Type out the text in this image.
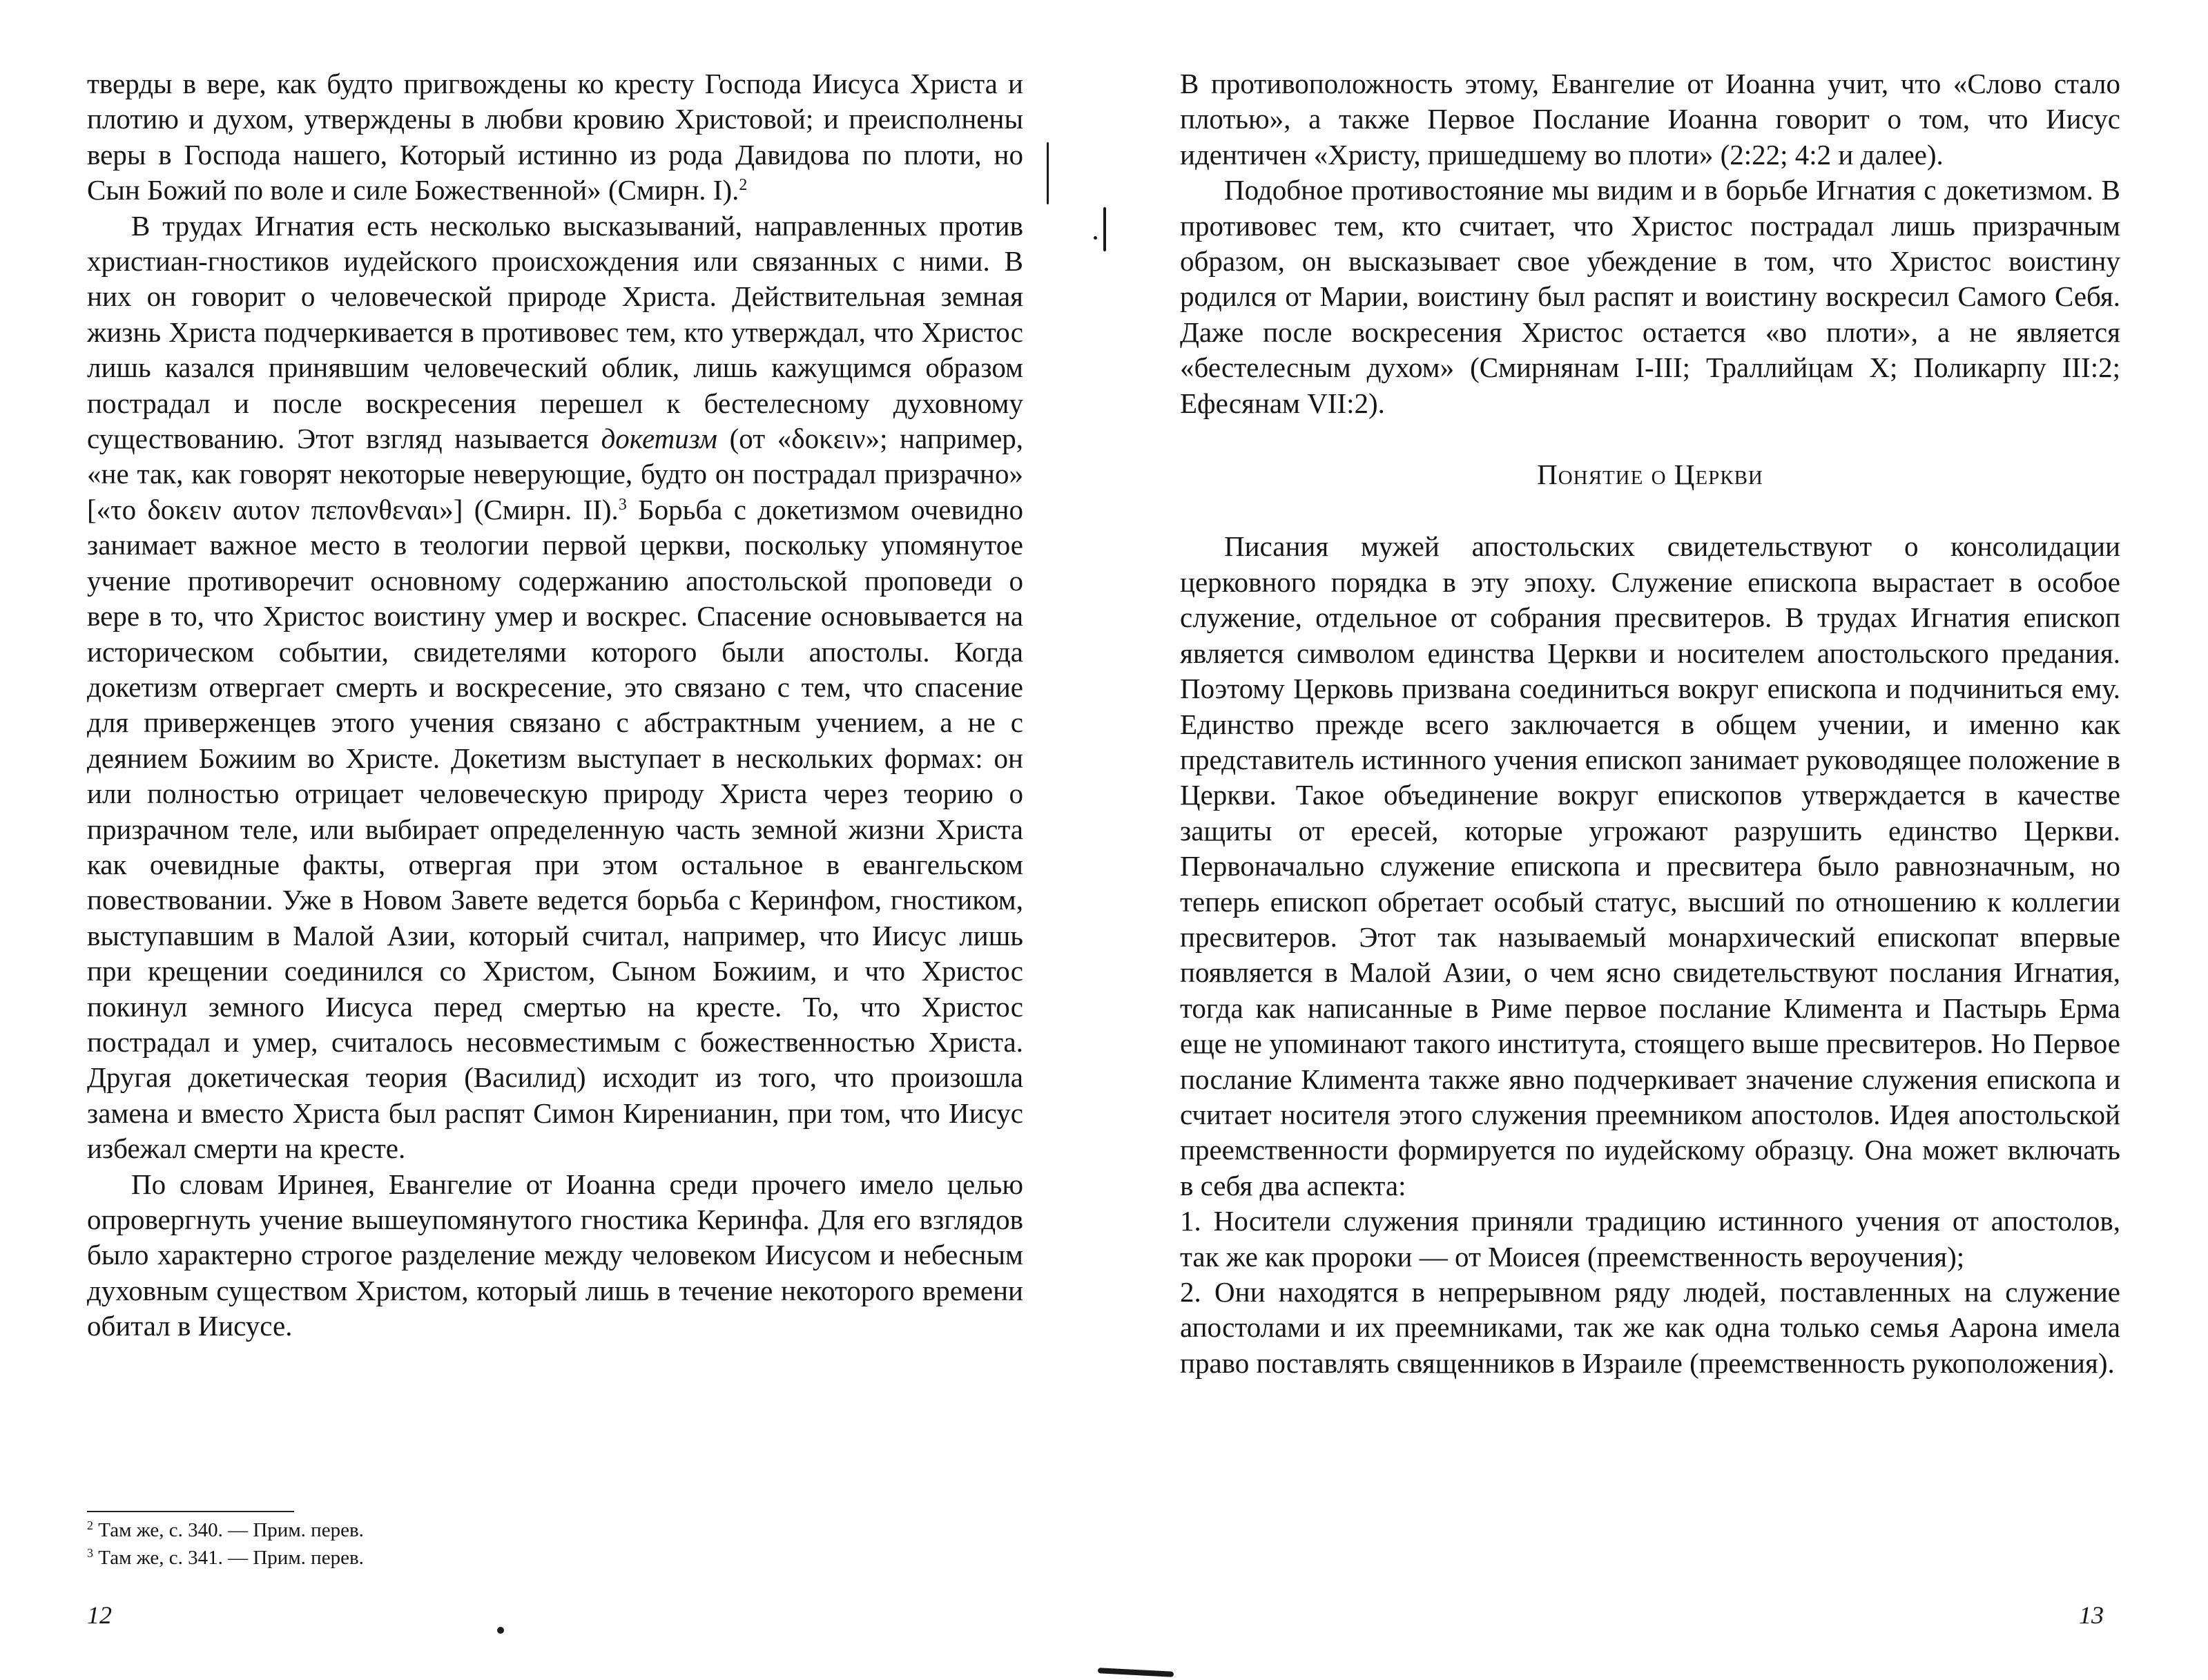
тверды в вере, как будто пригвождены ко кресту Господа Иисуса Христа и плотию и духом, утверждены в любви кровию Христовой; и преисполнены веры в Господа нашего, Который истинно из рода Давидова по плоти, но Сын Божий по воле и силе Божественной» (Смирн. I).$^2$

В трудах Игнатия есть несколько высказываний, направленных против христиан-гностиков иудейского происхождения или связанных с ними. В них он говорит о человеческой природе Христа. Действительная земная жизнь Христа подчеркивается в противовес тем, кто утверждал, что Христос лишь казался принявшим человеческий облик, лишь кажущимся образом пострадал и после воскресения перешел к бестелесному духовному существованию. Этот взгляд называется докетизм (от «δοκειν»; например, «не так, как говорят некоторые неверующие, будто он пострадал призрачно» [«το δοκειν αυτον πεπονθεναι»] (Смирн. II).$^3$ Борьба с докетизмом очевидно занимает важное место в теологии первой церкви, поскольку упомянутое учение противоречит основному содержанию апостольской проповеди о вере в то, что Христос воистину умер и воскрес. Спасение основывается на историческом событии, свидетелями которого были апостолы. Когда докетизм отвергает смерть и воскресение, это связано с тем, что спасение для приверженцев этого учения связано с абстрактным учением, а не с деянием Божиим во Христе. Докетизм выступает в нескольких формах: он или полностью отрицает человеческую природу Христа через теорию о призрачном теле, или выбирает определенную часть земной жизни Христа как очевидные факты, отвергая при этом остальное в евангельском повествовании. Уже в Новом Завете ведется борьба с Керинфом, гностиком, выступавшим в Малой Азии, который считал, например, что Иисус лишь при крещении соединился со Христом, Сыном Божиим, и что Христос покинул земного Иисуса перед смертью на кресте. То, что Христос пострадал и умер, считалось несовместимым с божественностью Христа. Другая докетическая теория (Василид) исходит из того, что произошла замена и вместо Христа был распят Симон Киренианин, при том, что Иисус избежал смерти на кресте.

По словам Иринея, Евангелие от Иоанна среди прочего имело целью опровергнуть учение вышеупомянутого гностика Керинфа. Для его взглядов было характерно строгое разделение между человеком Иисусом и небесным духовным существом Христом, который лишь в течение некоторого времени обитал в Иисусе.

$^2$ Там же, с. 340. — Прим. перев.
$^3$ Там же, с. 341. — Прим. перев.
12

В противоположность этому, Евангелие от Иоанна учит, что «Слово стало плотью», а также Первое Послание Иоанна говорит о том, что Иисус идентичен «Христу, пришедшему во плоти» (2:22; 4:2 и далее).

Подобное противостояние мы видим и в борьбе Игнатия с докетизмом. В противовес тем, кто считает, что Христос пострадал лишь призрачным образом, он высказывает свое убеждение в том, что Христос воистину родился от Марии, воистину был распят и воистину воскресил Самого Себя. Даже после воскресения Христос остается «во плоти», а не является «бестелесным духом» (Смирнянам I-III; Траллийцам X; Поликарпу III:2; Ефесянам VII:2).

Понятие о Церкви

Писания мужей апостольских свидетельствуют о консолидации церковного порядка в эту эпоху. Служение епископа вырастает в особое служение, отдельное от собрания пресвитеров. В трудах Игнатия епископ является символом единства Церкви и носителем апостольского предания. Поэтому Церковь призвана соединиться вокруг епископа и подчиниться ему. Единство прежде всего заключается в общем учении, и именно как представитель истинного учения епископ занимает руководящее положение в Церкви. Такое объединение вокруг епископов утверждается в качестве защиты от ересей, которые угрожают разрушить единство Церкви. Первоначально служение епископа и пресвитера было равнозначным, но теперь епископ обретает особый статус, высший по отношению к коллегии пресвитеров. Этот так называемый монархический епископат впервые появляется в Малой Азии, о чем ясно свидетельствуют послания Игнатия, тогда как написанные в Риме первое послание Климента и Пастырь Ерма еще не упоминают такого института, стоящего выше пресвитеров. Но Первое послание Климента также явно подчеркивает значение служения епископа и считает носителя этого служения преемником апостолов. Идея апостольской преемственности формируется по иудейскому образцу. Она может включать в себя два аспекта:

1. Носители служения приняли традицию истинного учения от апостолов, так же как пророки — от Моисея (преемственность вероучения);

2. Они находятся в непрерывном ряду людей, поставленных на служение апостолами и их преемниками, так же как одна только семья Аарона имела право поставлять священников в Израиле (преемственность рукоположения).

13
